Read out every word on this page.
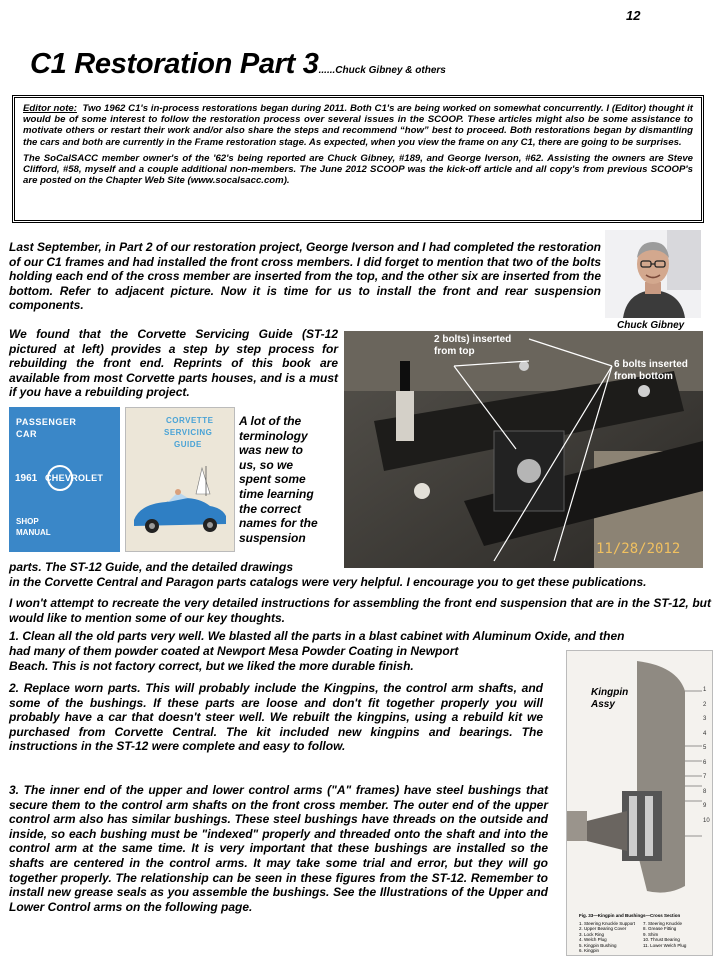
12
C1 Restoration Part 3......Chuck Gibney & others

Editor note: Two 1962 C1's in-process restorations began during 2011. Both C1's are being worked on somewhat concurrently. I (Editor) thought it would be of some interest to follow the restoration process over several issues in the SCOOP. These articles might also be some assistance to motivate others or restart their work and/or also share the steps and recommend “how” best to proceed. Both restorations began by dismantling the cars and both are currently in the Frame restoration stage. As expected, when you view the frame on any C1, there are going to be surprises.

The SoCalSACC member owner's of the '62's being reported are Chuck Gibney, #189, and George Iverson, #62. Assisting the owners are Steve Clifford, #58, myself and a couple additional non-members. The June 2012 SCOOP was the kick-off article and all copy's from previous SCOOP's are posted on the Chapter Web Site (www.socalsacc.com).

Last September, in Part 2 of our restoration project, George Iverson and I had completed the restoration of our C1 frames and had installed the front cross members. I did forget to mention that two of the bolts holding each end of the cross member are inserted from the top, and the other six are inserted from the bottom. Refer to adjacent picture. Now it is time for us to install the front and rear suspension components.

Chuck Gibney

We found that the Corvette Servicing Guide (ST-12 pictured at left) provides a step by step process for rebuilding the front end. Reprints of this book are available from most Corvette parts houses, and is a must if you have a rebuilding project.

PASSENGER
CAR
1961 CHEVROLET
SHOP
MANUAL
CORVETTE
SERVICING
GUIDE
A lot of the
terminology
was new to
us, so we
spent some
time learning
the correct
names for the
suspension
2 bolts) inserted from top
6 bolts inserted from bottom
11/28/2012
parts. The ST-12 Guide, and the detailed drawings
in the Corvette Central and Paragon parts catalogs were very helpful. I encourage you to get these publications.

I won't attempt to recreate the very detailed instructions for assembling the front end suspension that are in the ST-12, but would like to mention some of our key thoughts.

1. Clean all the old parts very well. We blasted all the parts in a blast cabinet with Aluminum Oxide, and then

had many of them powder coated at Newport Mesa Powder Coating in Newport Beach. This is not factory correct, but we liked the more durable finish.

2. Replace worn parts. This will probably include the Kingpins, the control arm shafts, and some of the bushings. If these parts are loose and don't fit together properly you will probably have a car that doesn't steer well. We rebuilt the kingpins, using a rebuild kit we purchased from Corvette Central. The kit included new kingpins and bearings. The instructions in the ST-12 were complete and easy to follow.

3. The inner end of the upper and lower control arms ("A" frames) have steel bushings that secure them to the control arm shafts on the front cross member. The outer end of the upper control arm also has similar bushings. These steel bushings have threads on the outside and inside, so each bushing must be "indexed" properly and threaded onto the shaft and into the control arm at the same time. It is very important that these bushings are installed so the shafts are centered in the control arms. It may take some trial and error, but they will go together properly. The relationship can be seen in these figures from the ST-12. Remember to install new grease seals as you assemble the bushings. See the Illustrations of the Upper and Lower Control arms on the following page.

Kingpin Assy
1
2
3
4
5
6
7
8
9
10
Fig. 33—Kingpin and Bushings—Cross Section
1. Steering Knuckle Support
2. Upper Bearing Cover
3. Lock Ring
4. Welch Plug
5. Kingpin Bushing
6. Kingpin
7. Steering Knuckle
8. Grease Fitting
9. Shim
10. Thrust Bearing
11. Lower Welch Plug
